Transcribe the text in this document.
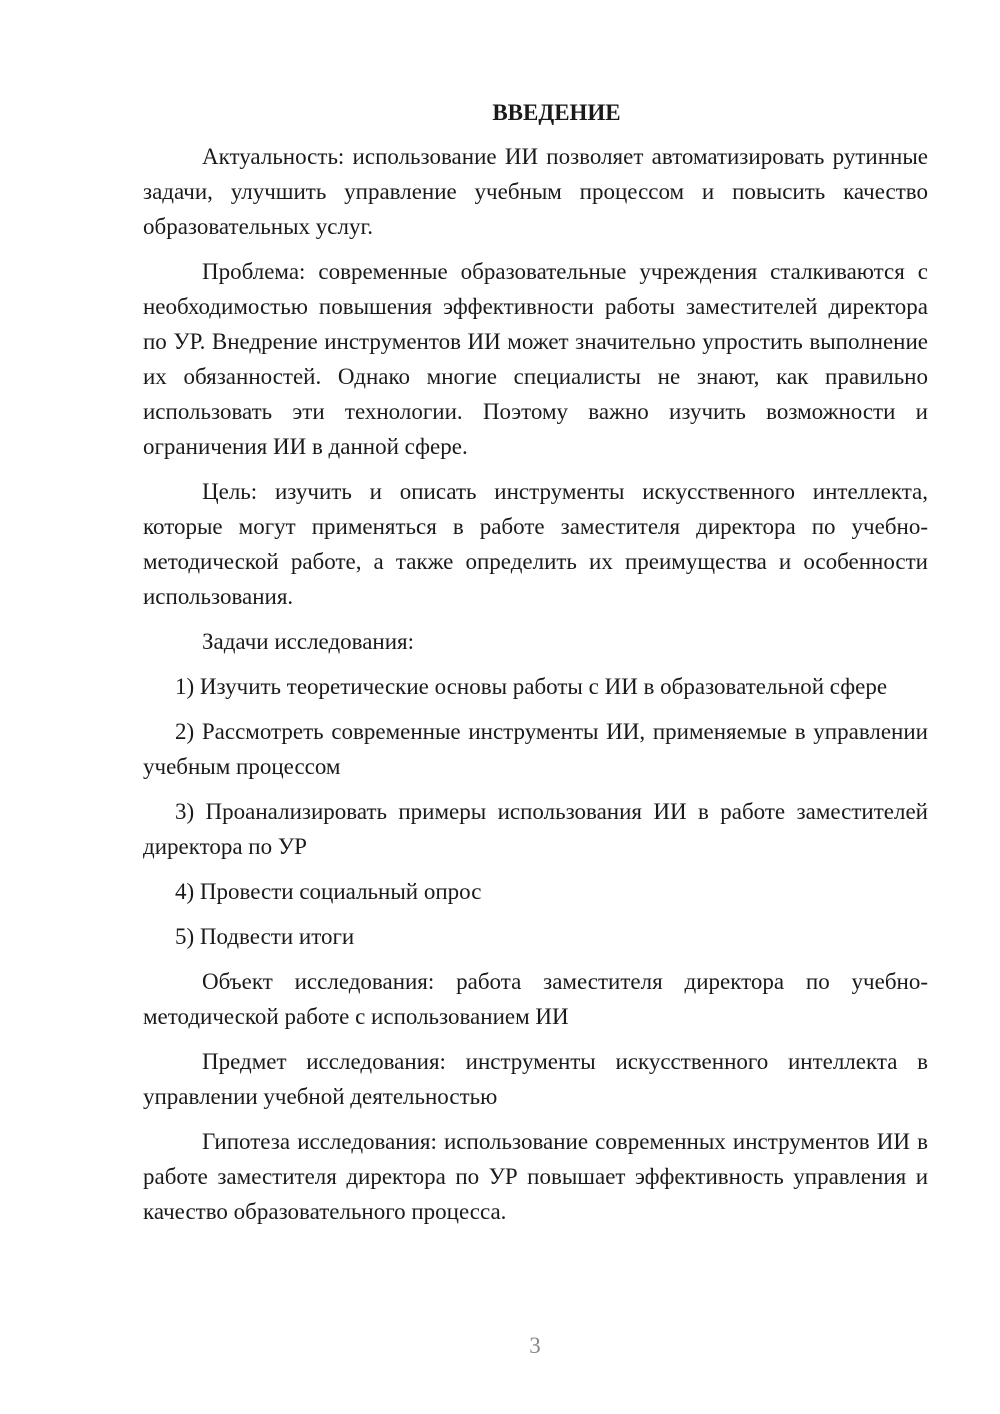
ВВЕДЕНИЕ

Актуальность: использование ИИ позволяет автоматизировать рутинные задачи, улучшить управление учебным процессом и повысить качество образовательных услуг.

Проблема: современные образовательные учреждения сталкиваются с необходимостью повышения эффективности работы заместителей директора по УР. Внедрение инструментов ИИ может значительно упростить выполнение их обязанностей. Однако многие специалисты не знают, как правильно использовать эти технологии. Поэтому важно изучить возможности и ограничения ИИ в данной сфере.

Цель: изучить и описать инструменты искусственного интеллекта, которые могут применяться в работе заместителя директора по учебно-методической работе, а также определить их преимущества и особенности использования.

Задачи исследования:

1) Изучить теоретические основы работы с ИИ в образовательной сфере

2) Рассмотреть современные инструменты ИИ, применяемые в управлении учебным процессом

3) Проанализировать примеры использования ИИ в работе заместителей директора по УР

4) Провести социальный опрос

5) Подвести итоги

Объект исследования: работа заместителя директора по учебно-методической работе с использованием ИИ

Предмет исследования: инструменты искусственного интеллекта в управлении учебной деятельностью

Гипотеза исследования: использование современных инструментов ИИ в работе заместителя директора по УР повышает эффективность управления и качество образовательного процесса.

3
